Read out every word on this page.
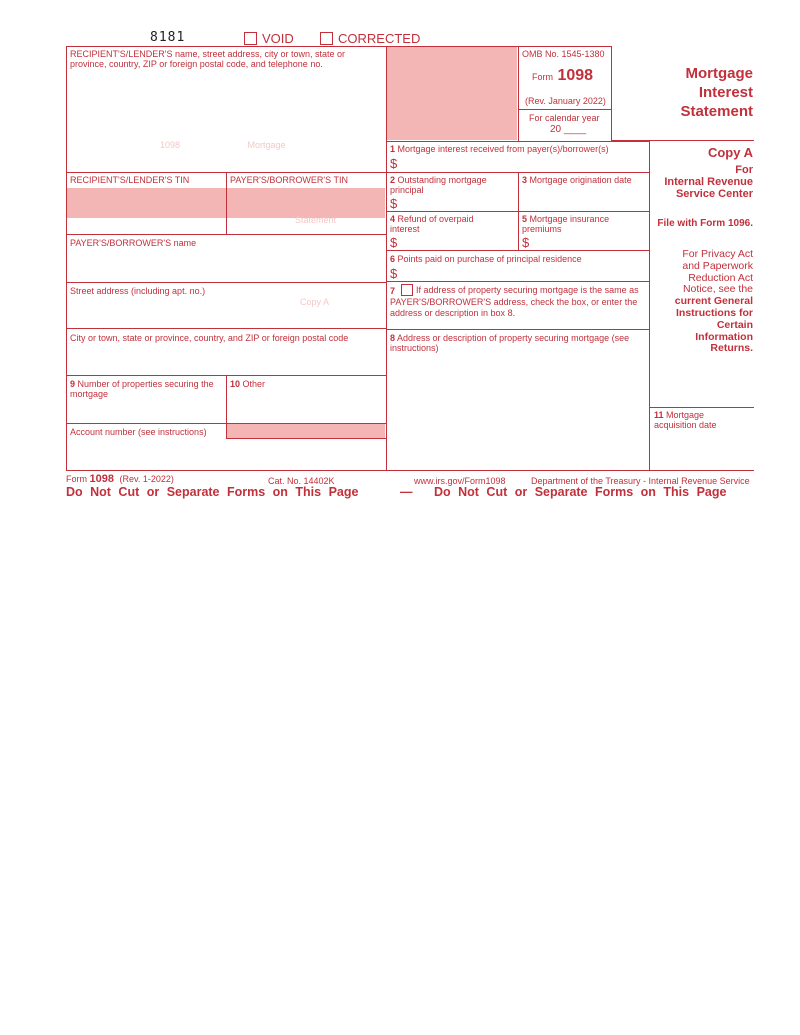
8181	VOID	CORRECTED
1098                           Mortgage
Statement
Copy A
RECIPIENT'S/LENDER'S name, street address, city or town, state or province, country, ZIP or foreign postal code, and telephone no.
RECIPIENT'S/LENDER'S TIN	PAYER'S/BORROWER'S TIN
PAYER'S/BORROWER'S name
Street address (including apt. no.)
City or town, state or province, country, and ZIP or foreign postal code
9 Number of properties securing the mortgage
10 Other
Account number (see instructions)
OMB No. 1545-1380
Form 1098
(Rev. January 2022)
For calendar year
20 ____
Mortgage
Interest
Statement
1 Mortgage interest received from payer(s)/borrower(s)
$
2 Outstanding mortgage principal
$
3 Mortgage origination date
4 Refund of overpaid interest
$
5 Mortgage insurance premiums
$
6 Points paid on purchase of principal residence
$
7	If address of property securing mortgage is the same as PAYER'S/BORROWER'S address, check the box, or enter the address or description in box 8.
8 Address or description of property securing mortgage (see instructions)
Copy A
For
Internal Revenue
Service Center
File with Form 1096.
For Privacy Act
and Paperwork
Reduction Act
Notice, see the
current General
Instructions for
Certain
Information
Returns.
11 Mortgage acquisition date
Form 1098 (Rev. 1-2022)	Cat. No. 14402K	www.irs.gov/Form1098	Department of the Treasury - Internal Revenue Service
Do Not Cut or Separate Forms on This Page	— Do Not Cut or Separate Forms on This Page
